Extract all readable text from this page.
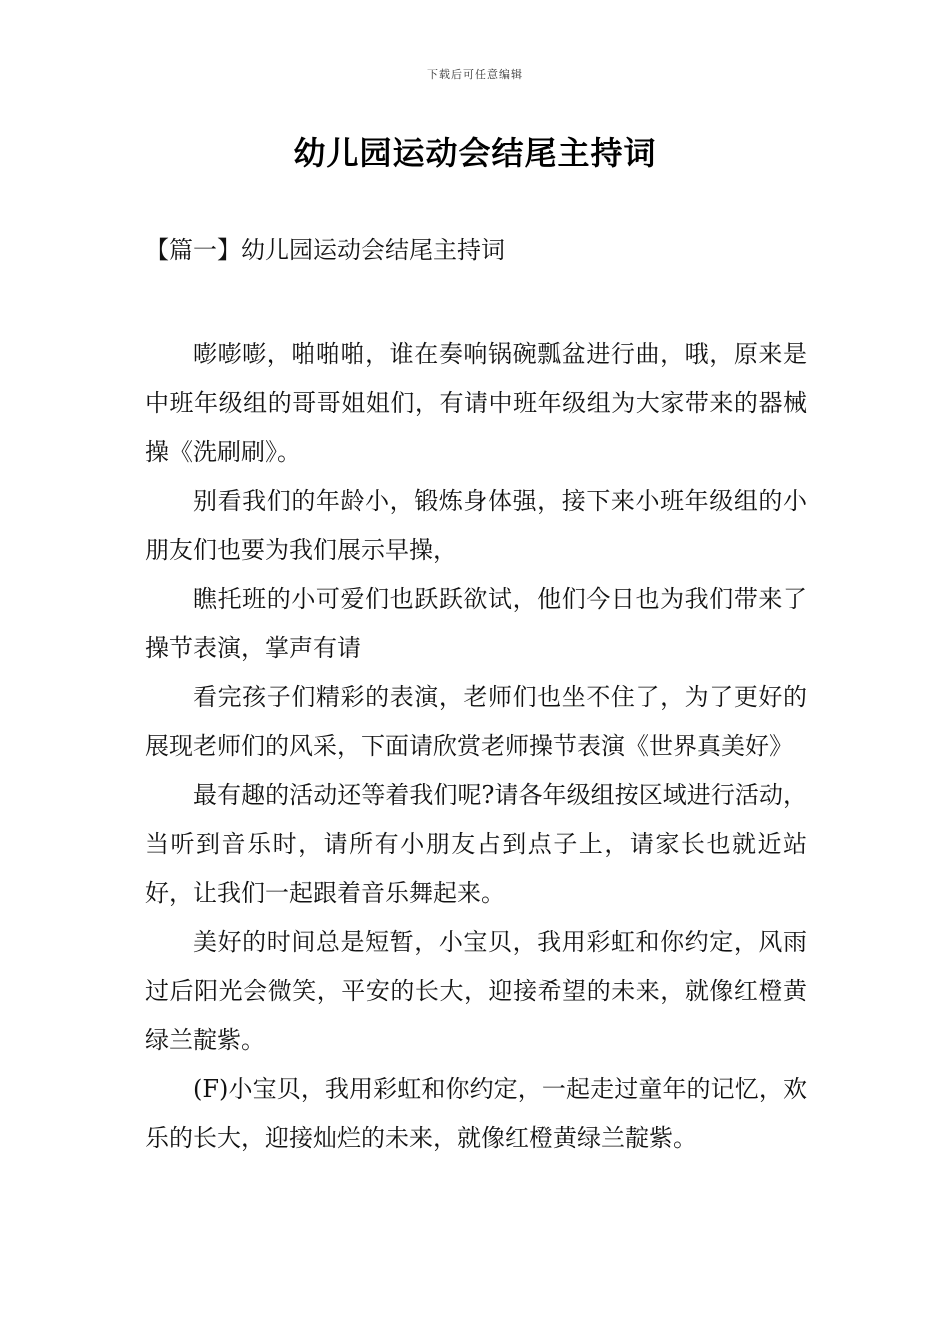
下载后可任意编辑
幼儿园运动会结尾主持词
【篇一】幼儿园运动会结尾主持词

嘭嘭嘭，啪啪啪，谁在奏响锅碗瓢盆进行曲，哦，原来是中班年级组的哥哥姐姐们，有请中班年级组为大家带来的器械操《洗刷刷》。

别看我们的年龄小，锻炼身体强，接下来小班年级组的小朋友们也要为我们展示早操，

瞧托班的小可爱们也跃跃欲试，他们今日也为我们带来了操节表演，掌声有请

看完孩子们精彩的表演，老师们也坐不住了，为了更好的展现老师们的风采，下面请欣赏老师操节表演《世界真美好》

最有趣的活动还等着我们呢?请各年级组按区域进行活动，当听到音乐时，请所有小朋友占到点子上，请家长也就近站好，让我们一起跟着音乐舞起来。

美好的时间总是短暂，小宝贝，我用彩虹和你约定，风雨过后阳光会微笑，平安的长大，迎接希望的未来，就像红橙黄绿兰靛紫。

(F)小宝贝，我用彩虹和你约定，一起走过童年的记忆，欢乐的长大，迎接灿烂的未来，就像红橙黄绿兰靛紫。
